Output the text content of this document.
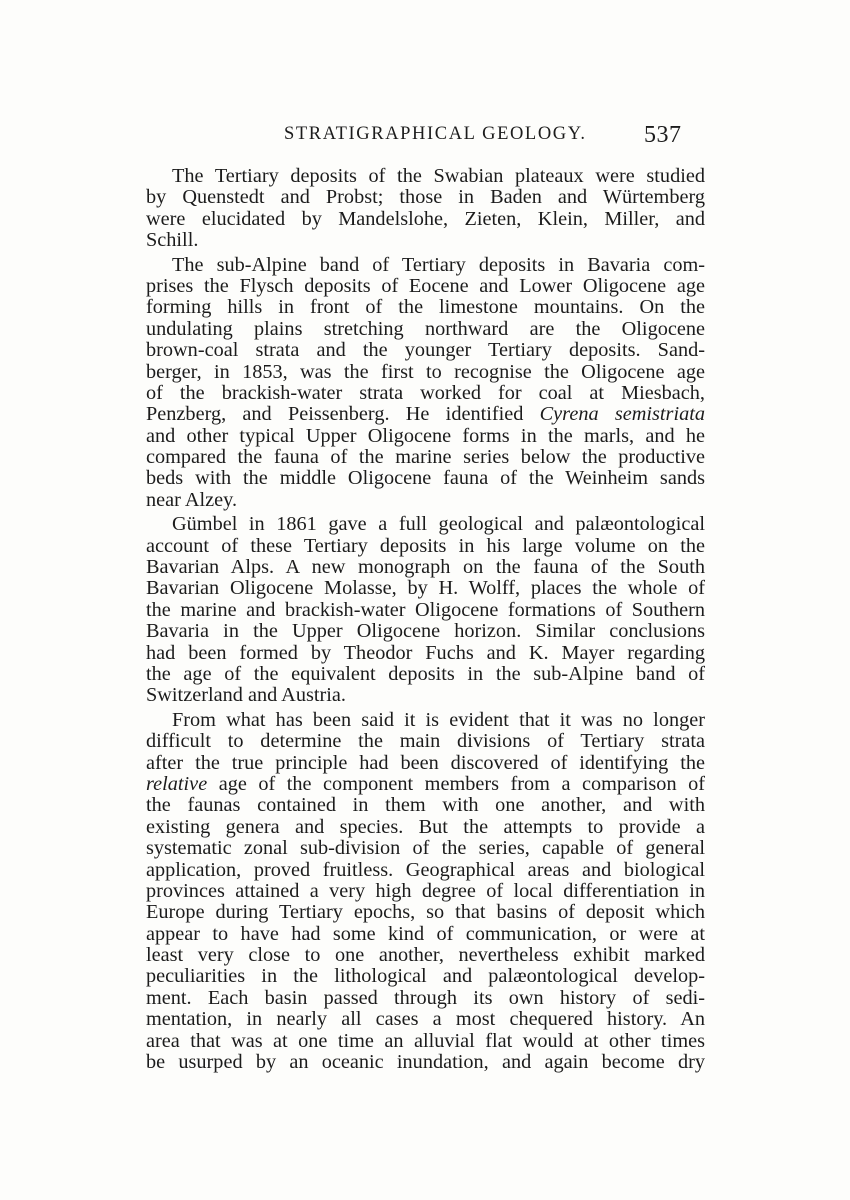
STRATIGRAPHICAL GEOLOGY. 537
The Tertiary deposits of the Swabian plateaux were studied
by Quenstedt and Probst; those in Baden and Würtemberg
were elucidated by Mandelslohe, Zieten, Klein, Miller, and
Schill.
The sub-Alpine band of Tertiary deposits in Bavaria com-
prises the Flysch deposits of Eocene and Lower Oligocene age
forming hills in front of the limestone mountains. On the
undulating plains stretching northward are the Oligocene
brown-coal strata and the younger Tertiary deposits. Sand-
berger, in 1853, was the first to recognise the Oligocene age
of the brackish-water strata worked for coal at Miesbach,
Penzberg, and Peissenberg. He identified Cyrena semistriata
and other typical Upper Oligocene forms in the marls, and he
compared the fauna of the marine series below the productive
beds with the middle Oligocene fauna of the Weinheim sands
near Alzey.
Gümbel in 1861 gave a full geological and palæontological
account of these Tertiary deposits in his large volume on the
Bavarian Alps. A new monograph on the fauna of the South
Bavarian Oligocene Molasse, by H. Wolff, places the whole of
the marine and brackish-water Oligocene formations of Southern
Bavaria in the Upper Oligocene horizon. Similar conclusions
had been formed by Theodor Fuchs and K. Mayer regarding
the age of the equivalent deposits in the sub-Alpine band of
Switzerland and Austria.
From what has been said it is evident that it was no longer
difficult to determine the main divisions of Tertiary strata
after the true principle had been discovered of identifying the
relative age of the component members from a comparison of
the faunas contained in them with one another, and with
existing genera and species. But the attempts to provide a
systematic zonal sub-division of the series, capable of general
application, proved fruitless. Geographical areas and biological
provinces attained a very high degree of local differentiation in
Europe during Tertiary epochs, so that basins of deposit which
appear to have had some kind of communication, or were at
least very close to one another, nevertheless exhibit marked
peculiarities in the lithological and palæontological develop-
ment. Each basin passed through its own history of sedi-
mentation, in nearly all cases a most chequered history. An
area that was at one time an alluvial flat would at other times
be usurped by an oceanic inundation, and again become dry
